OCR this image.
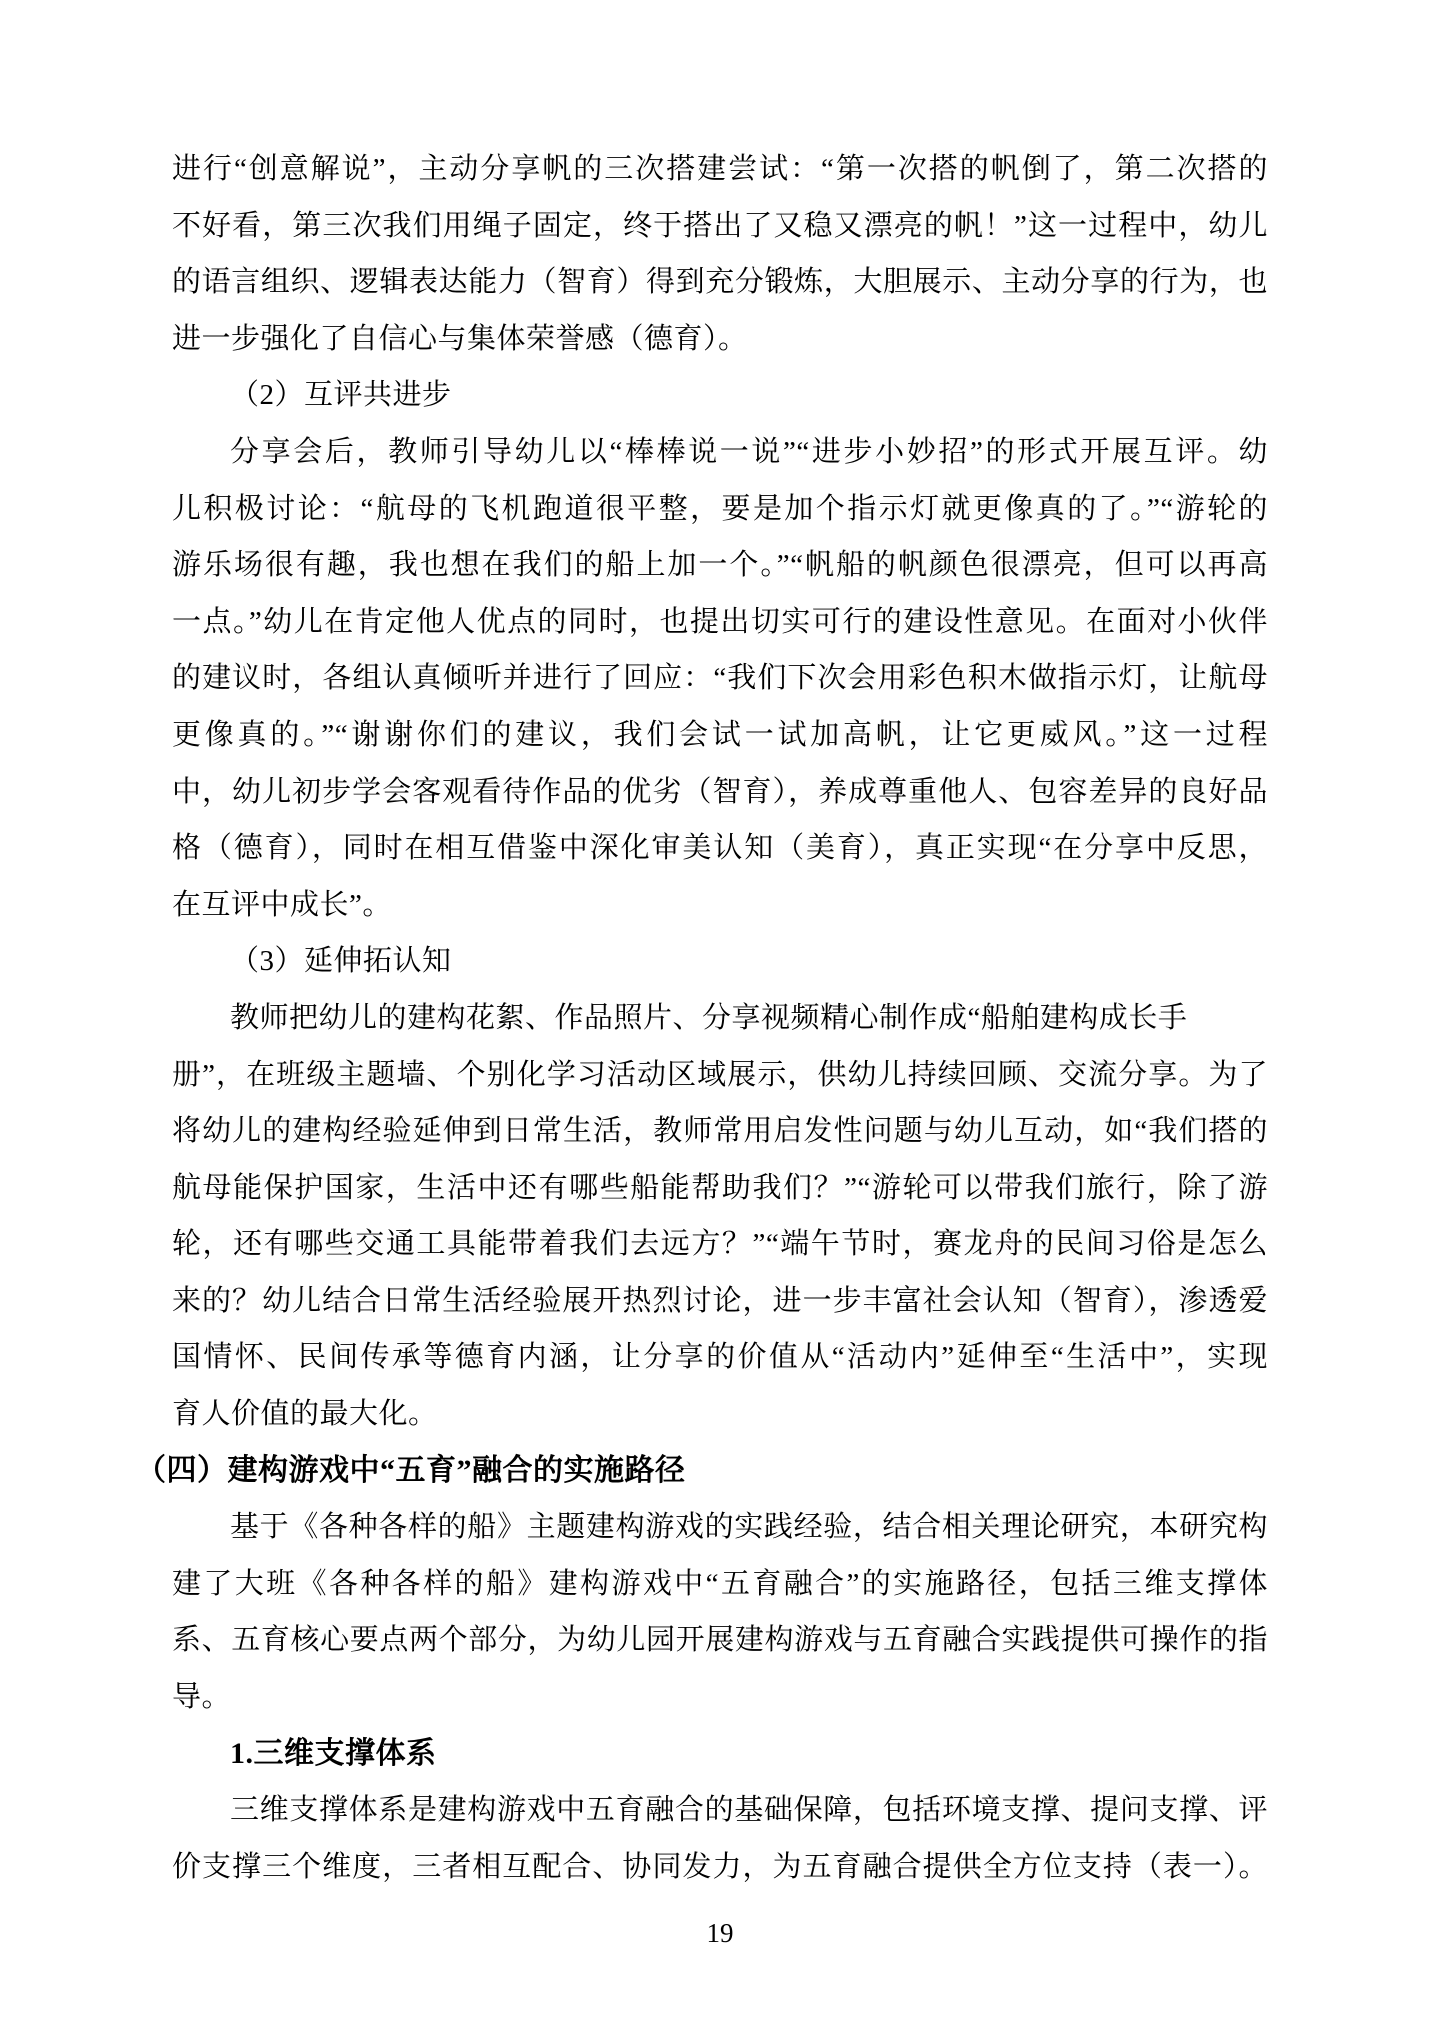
进行“创意解说”，主动分享帆的三次搭建尝试：“第一次搭的帆倒了，第二次搭的
不好看，第三次我们用绳子固定，终于搭出了又稳又漂亮的帆！”这一过程中，幼儿
的语言组织、逻辑表达能力（智育）得到充分锻炼，大胆展示、主动分享的行为，也
进一步强化了自信心与集体荣誉感（德育）。
（2）互评共进步
分享会后，教师引导幼儿以“棒棒说一说”“进步小妙招”的形式开展互评。幼
儿积极讨论：“航母的飞机跑道很平整，要是加个指示灯就更像真的了。”“游轮的
游乐场很有趣，我也想在我们的船上加一个。”“帆船的帆颜色很漂亮，但可以再高
一点。”幼儿在肯定他人优点的同时，也提出切实可行的建设性意见。在面对小伙伴
的建议时，各组认真倾听并进行了回应：“我们下次会用彩色积木做指示灯，让航母
更像真的。”“谢谢你们的建议，我们会试一试加高帆，让它更威风。”这一过程
中，幼儿初步学会客观看待作品的优劣（智育），养成尊重他人、包容差异的良好品
格（德育），同时在相互借鉴中深化审美认知（美育），真正实现“在分享中反思，
在互评中成长”。
（3）延伸拓认知
教师把幼儿的建构花絮、作品照片、分享视频精心制作成“船舶建构成长手
册”，在班级主题墙、个别化学习活动区域展示，供幼儿持续回顾、交流分享。为了
将幼儿的建构经验延伸到日常生活，教师常用启发性问题与幼儿互动，如“我们搭的
航母能保护国家，生活中还有哪些船能帮助我们？”“游轮可以带我们旅行，除了游
轮，还有哪些交通工具能带着我们去远方？”“端午节时，赛龙舟的民间习俗是怎么
来的？幼儿结合日常生活经验展开热烈讨论，进一步丰富社会认知（智育），渗透爱
国情怀、民间传承等德育内涵，让分享的价值从“活动内”延伸至“生活中”，实现
育人价值的最大化。
（四）建构游戏中“五育”融合的实施路径
基于《各种各样的船》主题建构游戏的实践经验，结合相关理论研究，本研究构
建了大班《各种各样的船》建构游戏中“五育融合”的实施路径，包括三维支撑体
系、五育核心要点两个部分，为幼儿园开展建构游戏与五育融合实践提供可操作的指
导。
1.三维支撑体系
三维支撑体系是建构游戏中五育融合的基础保障，包括环境支撑、提问支撑、评
价支撑三个维度，三者相互配合、协同发力，为五育融合提供全方位支持（表一）。
19
